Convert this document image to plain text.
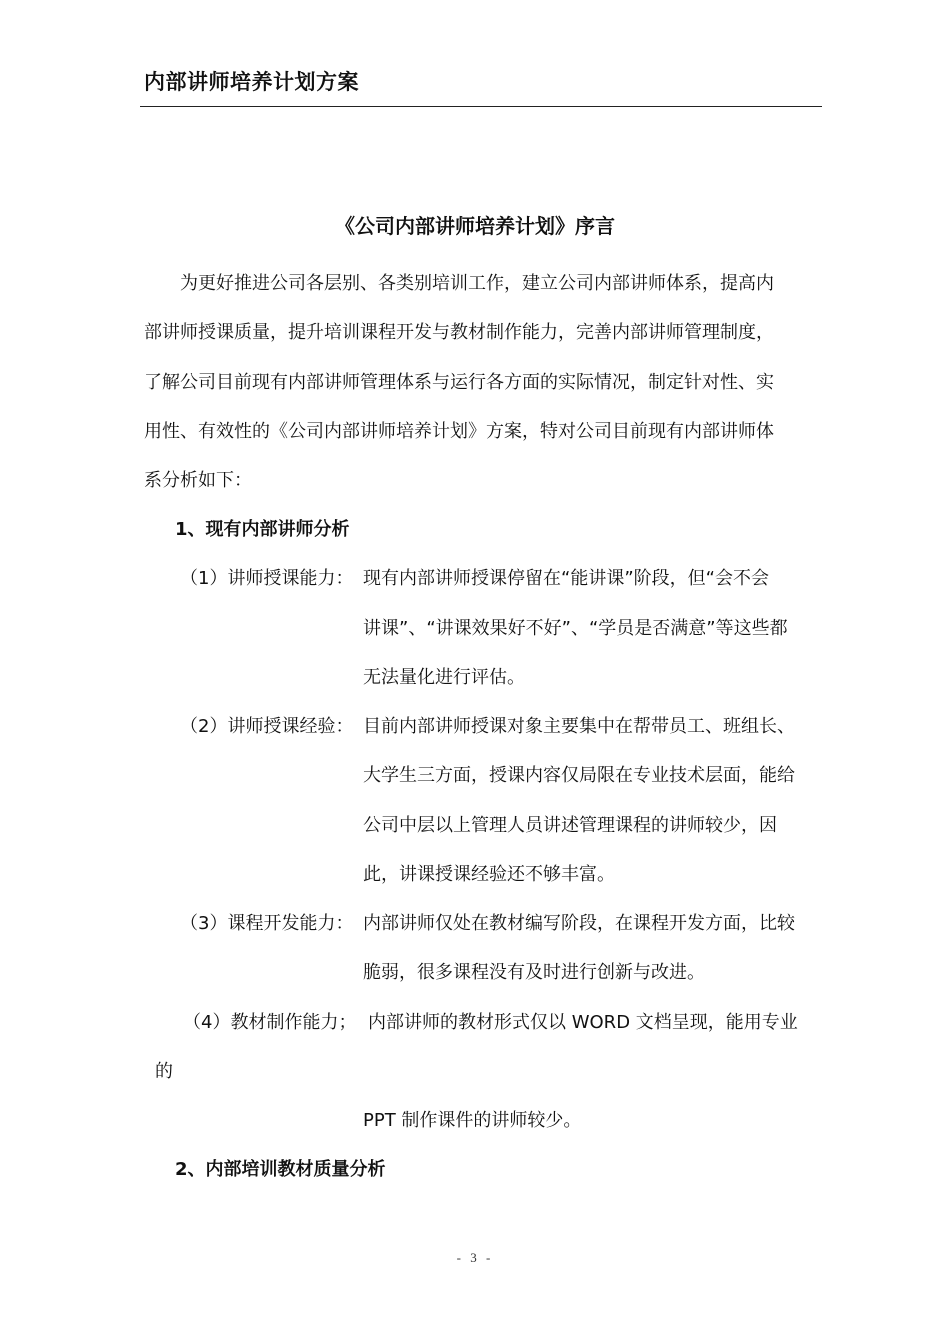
内部讲师培养计划方案
《公司内部讲师培养计划》序言
为更好推进公司各层别、各类别培训工作，建立公司内部讲师体系，提高内
部讲师授课质量，提升培训课程开发与教材制作能力，完善内部讲师管理制度，
了解公司目前现有内部讲师管理体系与运行各方面的实际情况，制定针对性、实
用性、有效性的《公司内部讲师培养计划》方案，特对公司目前现有内部讲师体
系分析如下：
1、现有内部讲师分析
（1）讲师授课能力： 现有内部讲师授课停留在“能讲课”阶段，但“会不会
讲课”、“讲课效果好不好”、“学员是否满意”等这些都
无法量化进行评估。
（2）讲师授课经验： 目前内部讲师授课对象主要集中在帮带员工、班组长、
大学生三方面，授课内容仅局限在专业技术层面，能给
公司中层以上管理人员讲述管理课程的讲师较少，因
此，讲课授课经验还不够丰富。
（3）课程开发能力： 内部讲师仅处在教材编写阶段，在课程开发方面，比较
脆弱，很多课程没有及时进行创新与改进。
（4）教材制作能力； 内部讲师的教材形式仅以 WORD 文档呈现，能用专业
的
PPT 制作课件的讲师较少。
2、内部培训教材质量分析
- 3 -
